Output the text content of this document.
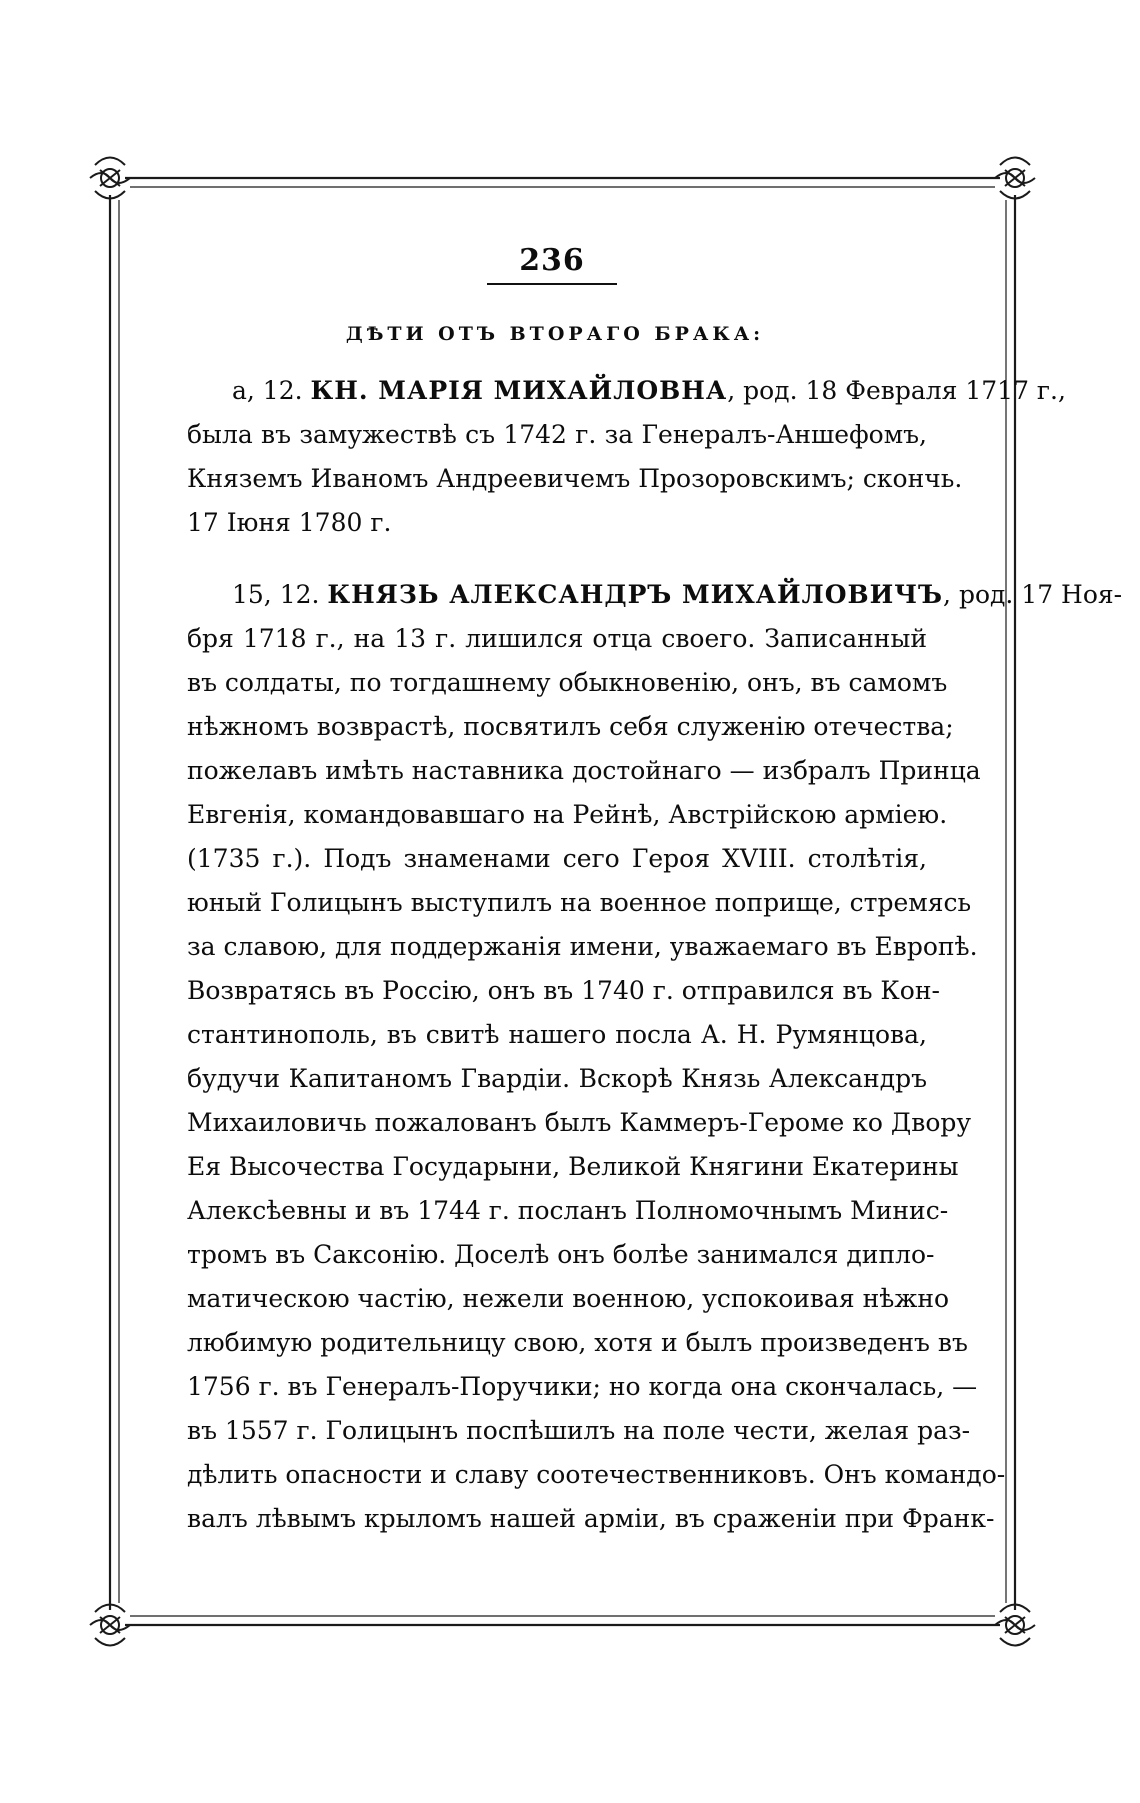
236
ДѢТИ ОТЪ ВТОРАГО БРАКА:
а, 12. КН. МАРІЯ МИХАЙЛОВНА, род. 18 Февраля 1717 г.,
была въ замужествѣ съ 1742 г. за Генералъ-Аншефомъ,
Княземъ Иваномъ Андреевичемъ Прозоровскимъ; скончь.
17 Іюня 1780 г.
15, 12. КНЯЗЬ АЛЕКСАНДРЪ МИХАЙЛОВИЧЪ, род. 17 Ноя-
бря 1718 г., на 13 г. лишился отца своего. Записанный
въ солдаты, по тогдашнему обыкновенію, онъ, въ самомъ
нѣжномъ возврастѣ, посвятилъ себя служенію отечества;
пожелавъ имѣть наставника достойнаго — избралъ Принца
Евгенія, командовавшаго на Рейнѣ, Австрійскою арміею.
(1735 г.). Подъ знаменами сего Героя XVIII. столѣтія,
юный Голицынъ выступилъ на военное поприще, стремясь
за славою, для поддержанія имени, уважаемаго въ Европѣ.
Возвратясь въ Россію, онъ въ 1740 г. отправился въ Кон-
стантинополь, въ свитѣ нашего посла А. Н. Румянцова,
будучи Капитаномъ Гвардіи. Вскорѣ Князь Александръ
Михаиловичь пожалованъ былъ Каммеръ-Героме ко Двору
Ея Высочества Государыни, Великой Княгини Екатерины
Алексѣевны и въ 1744 г. посланъ Полномочнымъ Минис-
тромъ въ Саксонію. Доселѣ онъ болѣе занимался дипло-
матическою частію, нежели военною, успокоивая нѣжно
любимую родительницу свою, хотя и былъ произведенъ въ
1756 г. въ Генералъ-Поручики; но когда она скончалась, —
въ 1557 г. Голицынъ поспѣшилъ на поле чести, желая раз-
дѣлить опасности и славу соотечественниковъ. Онъ командо-
валъ лѣвымъ крыломъ нашей арміи, въ сраженіи при Франк-
